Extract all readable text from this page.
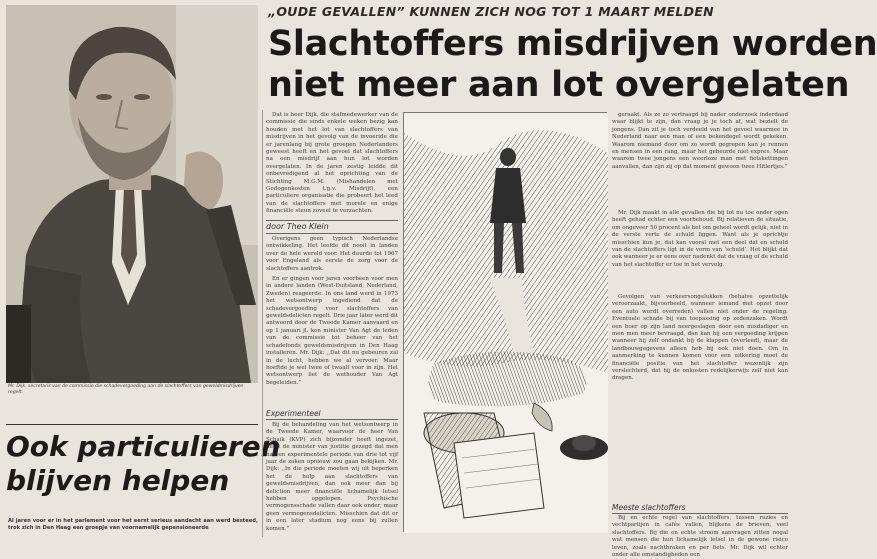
Mr. Dijk, secretaris van de commissie die schadevergoeding aan de slachtoffers van geweldmisdrijven regelt.
„OUDE GEVALLEN” KUNNEN ZICH NOG TOT 1 MAART MELDEN
Slachtoffers misdrijven worden
niet meer aan lot overgelaten

Dat is heer Dijk, die stafmedewerker van de commissie die sinds enkele weken bezig kan houden met het lot van slachtoffers van misdrijven in het gevolg van de invoeride die er jarenlang bij grote groepen Nederlanders geweest heeft en het gevoel dat slachtoffers na een misdrijf aan hun lot worden overgelaten. In de jaren zestig leidde dit onbevredigend al het oprichting van de Stichting M.G.M. (Mishandelen met Gedogenkosten t.g.v. Misdrijf), een particuliere organisatie die probeert het leed van de slachtoffers met morele en enige financiële steun zoveel te verzachten.

door Theo Klein

Overigens geen typisch Nederlandse ontwikkeling. Het leefde dit nooit in landen over de hele wereld voor. Het duurde tot 1967 voor Engeland als eerste de zorg voor de slachtoffers aantrok.

En er gingen voor jaren voorbeen voor men in andere landen (West-Duitsland, Nederland, Zweden) reageerde. In ons land werd in 1973 het wetsontwerp ingediend dat de schadevergoeding voor slachtoffers van geweldsdelicten regelt. Drie jaar later werd dit antwoord door de Tweede Kamer aanvaard en op 1 januari jl. kon minister Van Agt de leden van de commissie tot beheer van het schadefonds geweldsmisdrijven in Den Haag installeren. Mr. Dijk: ,,Dat dit nu gebeuren zal in de lucht, hebben we al vervoer. Maar hoeftde je wel twee of twaalf voor in zijn. Het wetsontwerp liet de wethouder Van Agt begeleiden.”

Experimenteel

Bij de behandeling van het wetsontwerp in de Tweede Kamer, waarvoor de heer Van Schaik (KVP) zich bijzonder heeft ingezet, heeft de minister van justitie gezegd dat men na een experimentele periode van drie tot vijf jaar de zaken opnieuw zou gaan bekijken. Mr. Dijk: ,,In die periode moeten wij uit beperken het de hulp aan slachtoffers van geweldsmisdrijven, dan ook meer dan bij deliction meer financiële lichamelijk letsel hebben opgelopen. Psychische vermogensschade vallen daar ook onder, maar geen vermogensdelicten. Misschien dat dit er in een later stadium nog eens bij zullen komen.”

geraakt. Als ze zo vertraagd bij nader onderzoek inderdaad waar blijkt te zijn, dan vraag je je toch af, wat bezielt de jongens. Dan zit je toch verdeeld van het gevoel waarmee in Nederland naar een man of een bekendegel wordt gekeken. Waarom niemand door om zo wordt gegrepen kan je rennen en mensen in een rang, maar het gebeurde niet expres. Maar waarom twee jongens een weerloze man met fietskettingen aanvallen, dan zijn zij op dat moment gewoon twee Hitlertjes.”

Mr. Dijk maakt in alle gevallen die bij tot nu toe onder ogen heeft gehad echter een voorbehoud. Bij relatieven de situatie, om ongeveer 50 procent als het om geheel wordt gelijk, niet in de verste verte de schuld liggen. Want als je oprichtje misschien kun je, dat kan vooral met een deel dat en schuld van de slachtoffers ligt in de vorm van ‘schuld’. Het blijkt dat ook wanneer je er eens over nadenkt dat de vraag of de schuld van het slachtoffer er toe in het vervolg.

Gevolgen van verkeersongelukken (behalve opzettelijk veroorzaakt, bijvoorbeeld, wanneer iemand met opzet door een auto wordt overreden) vallen niet onder de regeling. Eventuele schade bij van toepassing op zedenzaken. Wordt een boer op zijn land neergeslagen door een misdadiger en men men meer bevraagd, dan kan hij een vergoeding krijgen wanneer hij zelf ondankt bij de klappen (overleed), maar de landbouwgegevens alleen heb bij ook niet doen. Om in aanmerking te kunnen komen voor een uitkering moet de financiële positie van het slachtoffer wezenlijk zijn verslechterd, dat hij de onkosten redelijkerwijs zelf niet kan dragen.

Meeste slachtoffers

Bij en echte regel van slachtoffers, tussen ruzies en vechtpartijen in cafés vallen, blijkens de brieven, veel slachtoffers. Bij die en echte stroom aanvragen zitten nogal wat mensen die hun lichamelijk letsel in de gewone risico leven, zoals nachtbraken en per fiets. Mr. Dijk wil echter onder alle omstandigheden een

Ook particulieren
blijven helpen
Al jaren voor er in het parlement voor het eerst serieus aandacht aan werd besteed, trok zich in Den Haag een groepje van voornamelijk gepensioneerde
